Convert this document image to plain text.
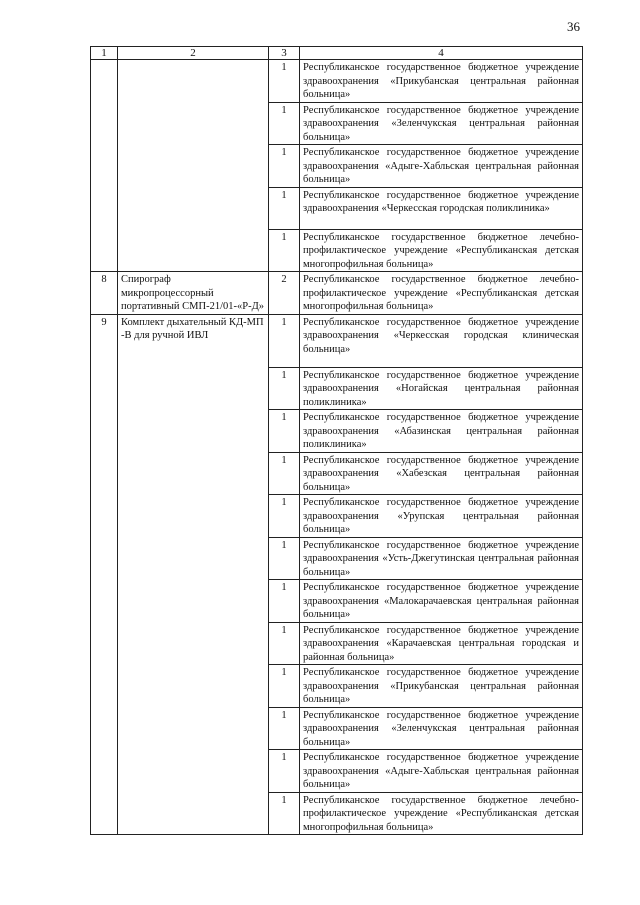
36
1	2	3	4
		1	Республиканское государственное бюджетное учреждение здравоохранения «Прикубанская центральная районная больница»
		1	Республиканское государственное бюджетное учреждение здравоохранения «Зеленчукская центральная районная больница»
		1	Республиканское государственное бюджетное учреждение здравоохранения «Адыге-Хабльская центральная районная больница»
		1	Республиканское государственное бюджетное учреждение здравоохранения «Черкесская городская поликлиника»
		1	Республиканское государственное бюджетное лечебно-профилактическое учреждение «Республиканская детская многопрофильная больница»
8	Спирограф микропроцессорный портативный СМП-21/01-«Р-Д»	2	Республиканское государственное бюджетное лечебно-профилактическое учреждение «Республиканская детская многопрофильная больница»
9	Комплект дыхательный КД-МП -В для ручной ИВЛ	1	Республиканское государственное бюджетное учреждение здравоохранения «Черкесская городская клиническая больница»
		1	Республиканское государственное бюджетное учреждение здравоохранения «Ногайская центральная районная поликлиника»
		1	Республиканское государственное бюджетное учреждение здравоохранения «Абазинская центральная районная поликлиника»
		1	Республиканское государственное бюджетное учреждение здравоохранения «Хабезская центральная районная больница»
		1	Республиканское государственное бюджетное учреждение здравоохранения «Урупская центральная районная больница»
		1	Республиканское государственное бюджетное учреждение здравоохранения «Усть-Джегутинская центральная районная больница»
		1	Республиканское государственное бюджетное учреждение здравоохранения «Малокарачаевская центральная районная больница»
		1	Республиканское государственное бюджетное учреждение здравоохранения «Карачаевская центральная городская и районная больница»
		1	Республиканское государственное бюджетное учреждение здравоохранения «Прикубанская центральная районная больница»
		1	Республиканское государственное бюджетное учреждение здравоохранения «Зеленчукская центральная районная больница»
		1	Республиканское государственное бюджетное учреждение здравоохранения «Адыге-Хабльская центральная районная больница»
		1	Республиканское государственное бюджетное лечебно-профилактическое учреждение «Республиканская детская многопрофильная больница»
